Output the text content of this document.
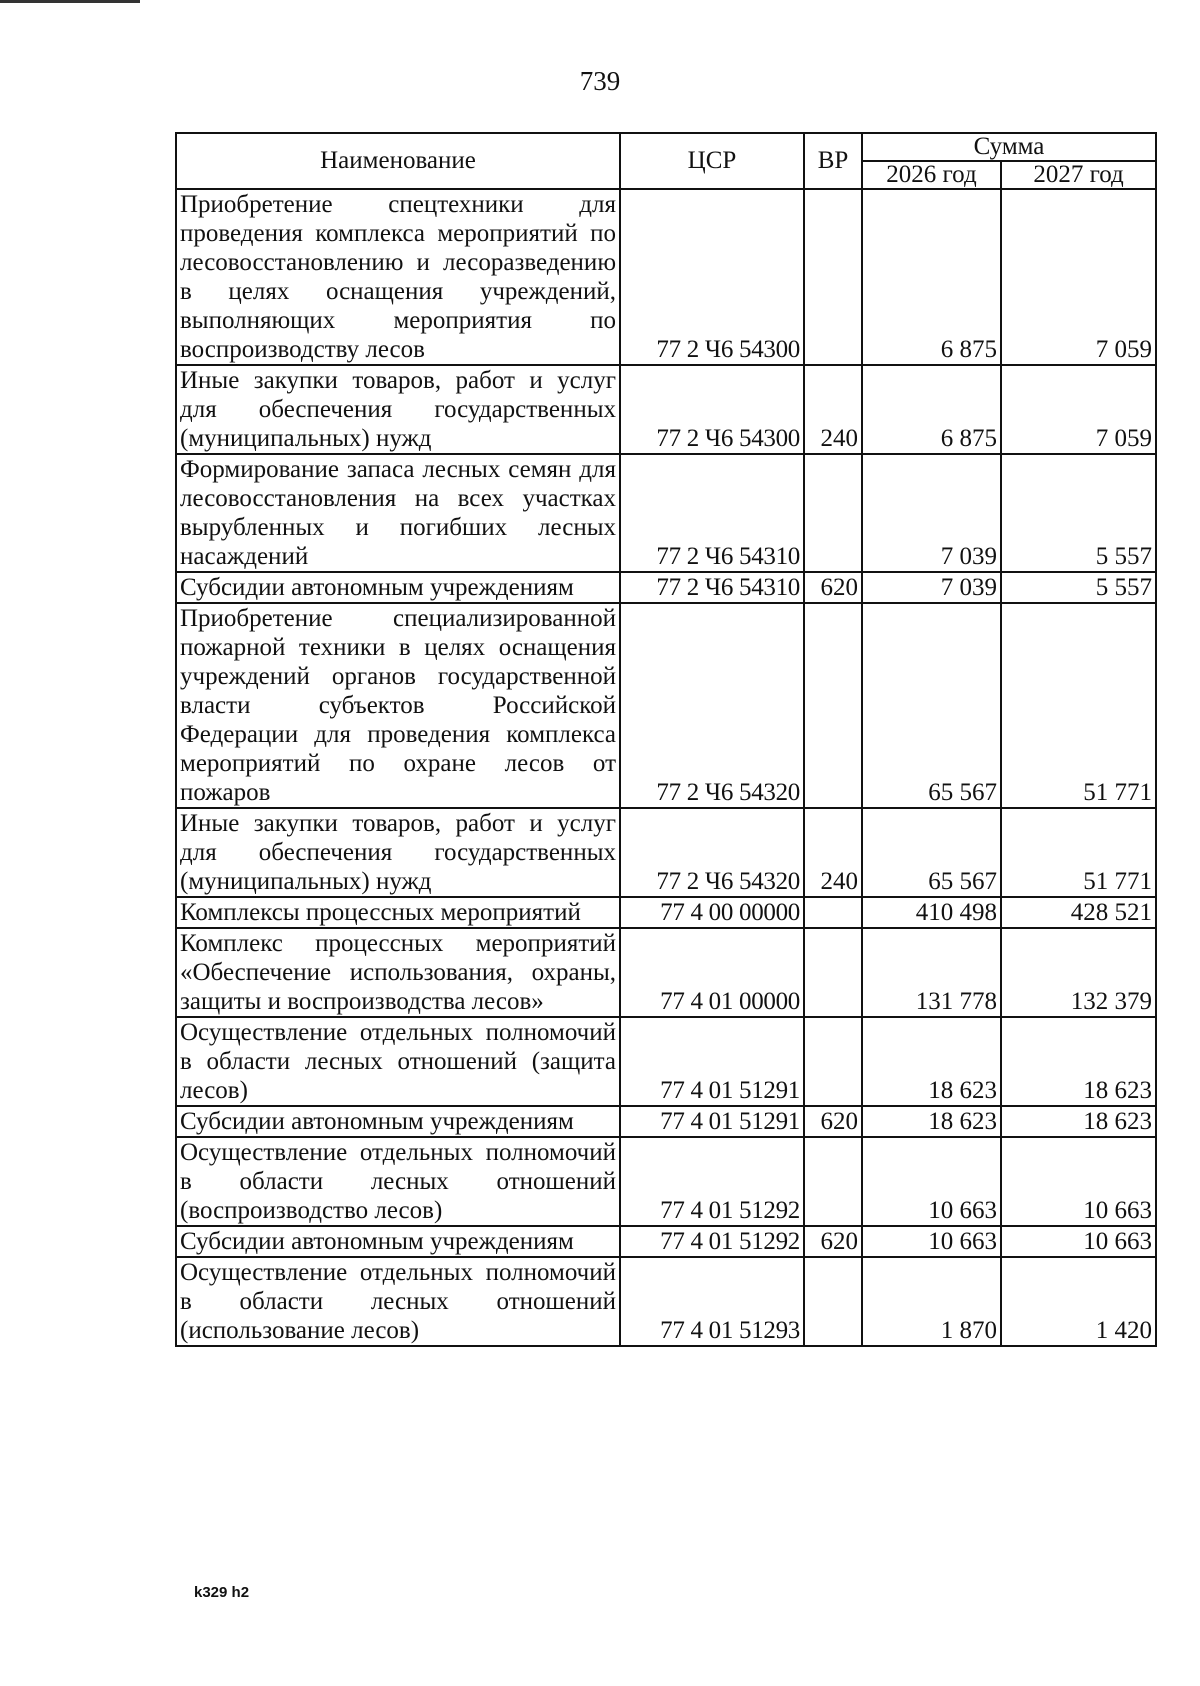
739
Наименование	ЦСР	ВР	Сумма	
			2026 год	2027 год
Приобретение спецтехники для проведения комплекса мероприятий по лесовосстановлению и лесоразведению в целях оснащения учреждений, выполняющих мероприятия по воспроизводству лесов	77 2 Ч6 54300		6 875	7 059
Иные закупки товаров, работ и услуг для обеспечения государственных (муниципальных) нужд	77 2 Ч6 54300	240	6 875	7 059
Формирование запаса лесных семян для лесовосстановления на всех участках вырубленных и погибших лесных насаждений	77 2 Ч6 54310		7 039	5 557
Субсидии автономным учреждениям	77 2 Ч6 54310	620	7 039	5 557
Приобретение специализированной пожарной техники в целях оснащения учреждений органов государственной власти субъектов Российской Федерации для проведения комплекса мероприятий по охране лесов от пожаров	77 2 Ч6 54320		65 567	51 771
Иные закупки товаров, работ и услуг для обеспечения государственных (муниципальных) нужд	77 2 Ч6 54320	240	65 567	51 771
Комплексы процессных мероприятий	77 4 00 00000		410 498	428 521
Комплекс процессных мероприятий «Обеспечение использования, охраны, защиты и воспроизводства лесов»	77 4 01 00000		131 778	132 379
Осуществление отдельных полномочий в области лесных отношений (защита лесов)	77 4 01 51291		18 623	18 623
Субсидии автономным учреждениям	77 4 01 51291	620	18 623	18 623
Осуществление отдельных полномочий в области лесных отношений (воспроизводство лесов)	77 4 01 51292		10 663	10 663
Субсидии автономным учреждениям	77 4 01 51292	620	10 663	10 663
Осуществление отдельных полномочий в области лесных отношений (использование лесов)	77 4 01 51293		1 870	1 420
k329 h2
